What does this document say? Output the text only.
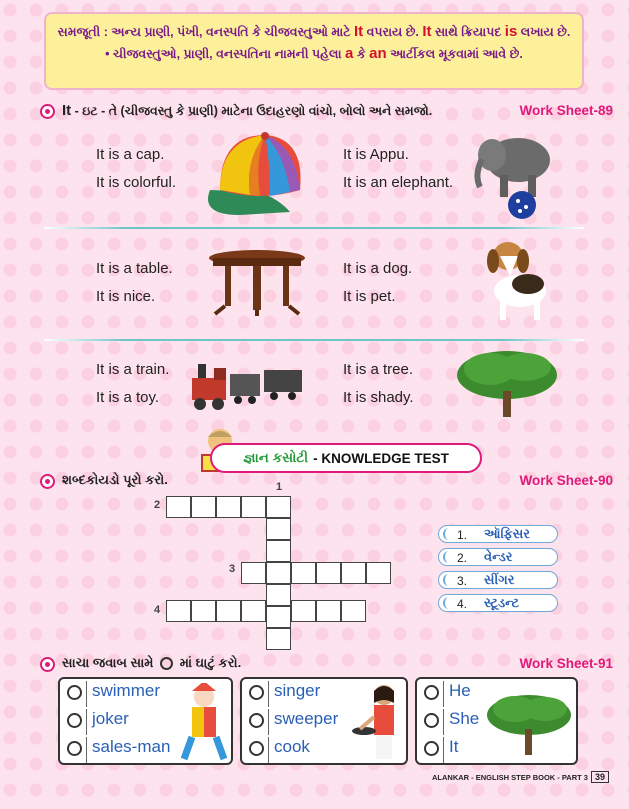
સમજૂતી : અન્ય પ્રાણી, પંખી, વનસ્પતિ કે ચીજવસ્તુઓ માટે It વપરાય છે. It સાથે ક્રિયાપદ is લખાય છે.
• ચીજવસ્તુઓ, પ્રાણી, વનસ્પતિના નામની પહેલા a કે an આર્ટીકલ મૂકવામાં આવે છે.
It - ઇટ - તે (ચીજવસ્તુ કે પ્રાણી) માટેના ઉદાહરણો વાંચો, બોલો અને સમજો.	Work Sheet-89
It is a cap.
It is colorful.
It is Appu.
It is an elephant.
It is a table.
It is nice.
It is a dog.
It is pet.
It is a train.
It is a toy.
It is a tree.
It is shady.
જ્ઞાન કસોટી - KNOWLEDGE TEST
શબ્દકોયડો પૂરો કરો.	Work Sheet-90
1
2
3
4
1. ઑફિસર
2. વેન્ડર
3. સીંગર
4. સ્ટૂડન્ટ
સાચા જવાબ સામે માં ઘાટું કરો.	Work Sheet-91
swimmer
joker
sales-man
singer
sweeper
cook
He
She
It
ALANKAR - ENGLISH STEP BOOK - PART 3 39
